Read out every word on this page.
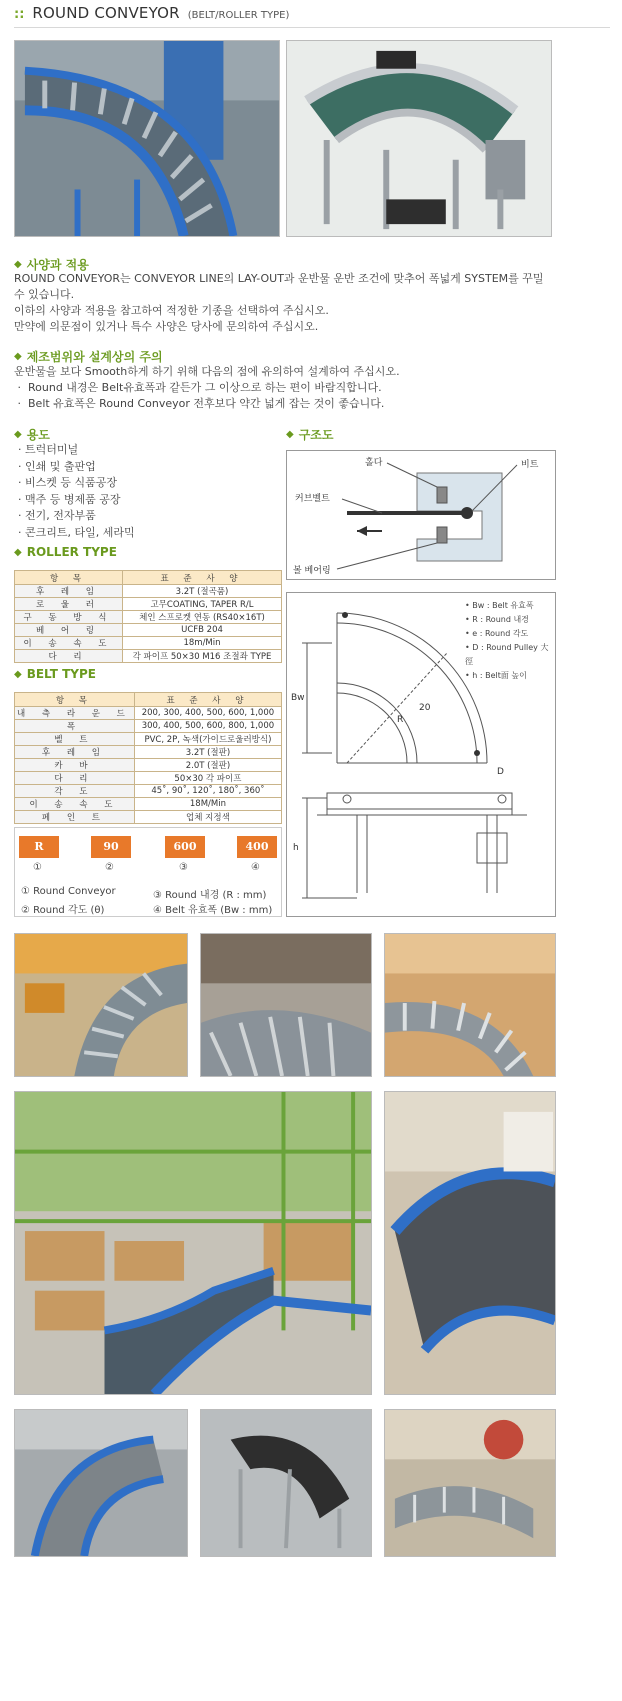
:: ROUND CONVEYOR (BELT/ROLLER TYPE)
◆ 사양과 적용

ROUND CONVEYOR는 CONVEYOR LINE의 LAY-OUT과 운반물 운반 조건에 맞추어 폭넓게 SYSTEM를 꾸밀

수 있습니다.

이하의 사양과 적용을 참고하여 적정한 기종을 선택하여 주십시오.

만약에 의문점이 있거나 특수 사양은 당사에 문의하여 주십시오.

◆ 제조범위와 설계상의 주의

운반물을 보다 Smooth하게 하기 위해 다음의 점에 유의하여 설계하여 주십시오.

·  Round 내경은 Belt유효폭과 같든가 그 이상으로 하는 편이 바람직합니다.

·  Belt 유효폭은 Round Conveyor 전후보다 약간 넓게 잡는 것이 좋습니다.

◆ 용도
· 트럭터미널
· 인쇄 및 출판업
· 비스켓 등 식품공장
· 맥주 등 병제품 공장
· 전기, 전자부품
· 콘크리트, 타일, 세라믹
◆ 구조도
홀다	비트
커브벨트
볼 베어링
◆ ROLLER TYPE
항 목	표 준 사 양
후 레 임	3.2T (절곡품)
로 울 러	고무COATING, TAPER R/L
구 동 방 식	체인 스프로켓 연동 (RS40×16T)
베 어 링	UCFB 204
이 송 속 도	18m/Min
다 리	각 파이프 50×30 M16 조절좌 TYPE
◆ BELT TYPE
항 목	표 준 사 양
내 측 라 운 드	200, 300, 400, 500, 600, 1,000
폭	300, 400, 500, 600, 800, 1,000
벨 트	PVC, 2P, 녹색(가이드로울러방식)
후 레 임	3.2T (절판)
카 바	2.0T (절판)
다 리	50×30 각 파이프
각 도	45˚, 90˚, 120˚, 180˚, 360˚
이 송 속 도	18M/Min
페 인 트	업체 지정색
R	90	600	400
①	②	③	④
① Round Conveyor	③ Round 내경 (R : mm)
② Round 각도 (θ)	④ Belt 유효폭 (Bw : mm)
Bw
R
20
D
h
• Bw : Belt 유효폭
• R : Round 내경
• e : Round 각도
• D : Round Pulley 大徑
• h : Belt面 높이
